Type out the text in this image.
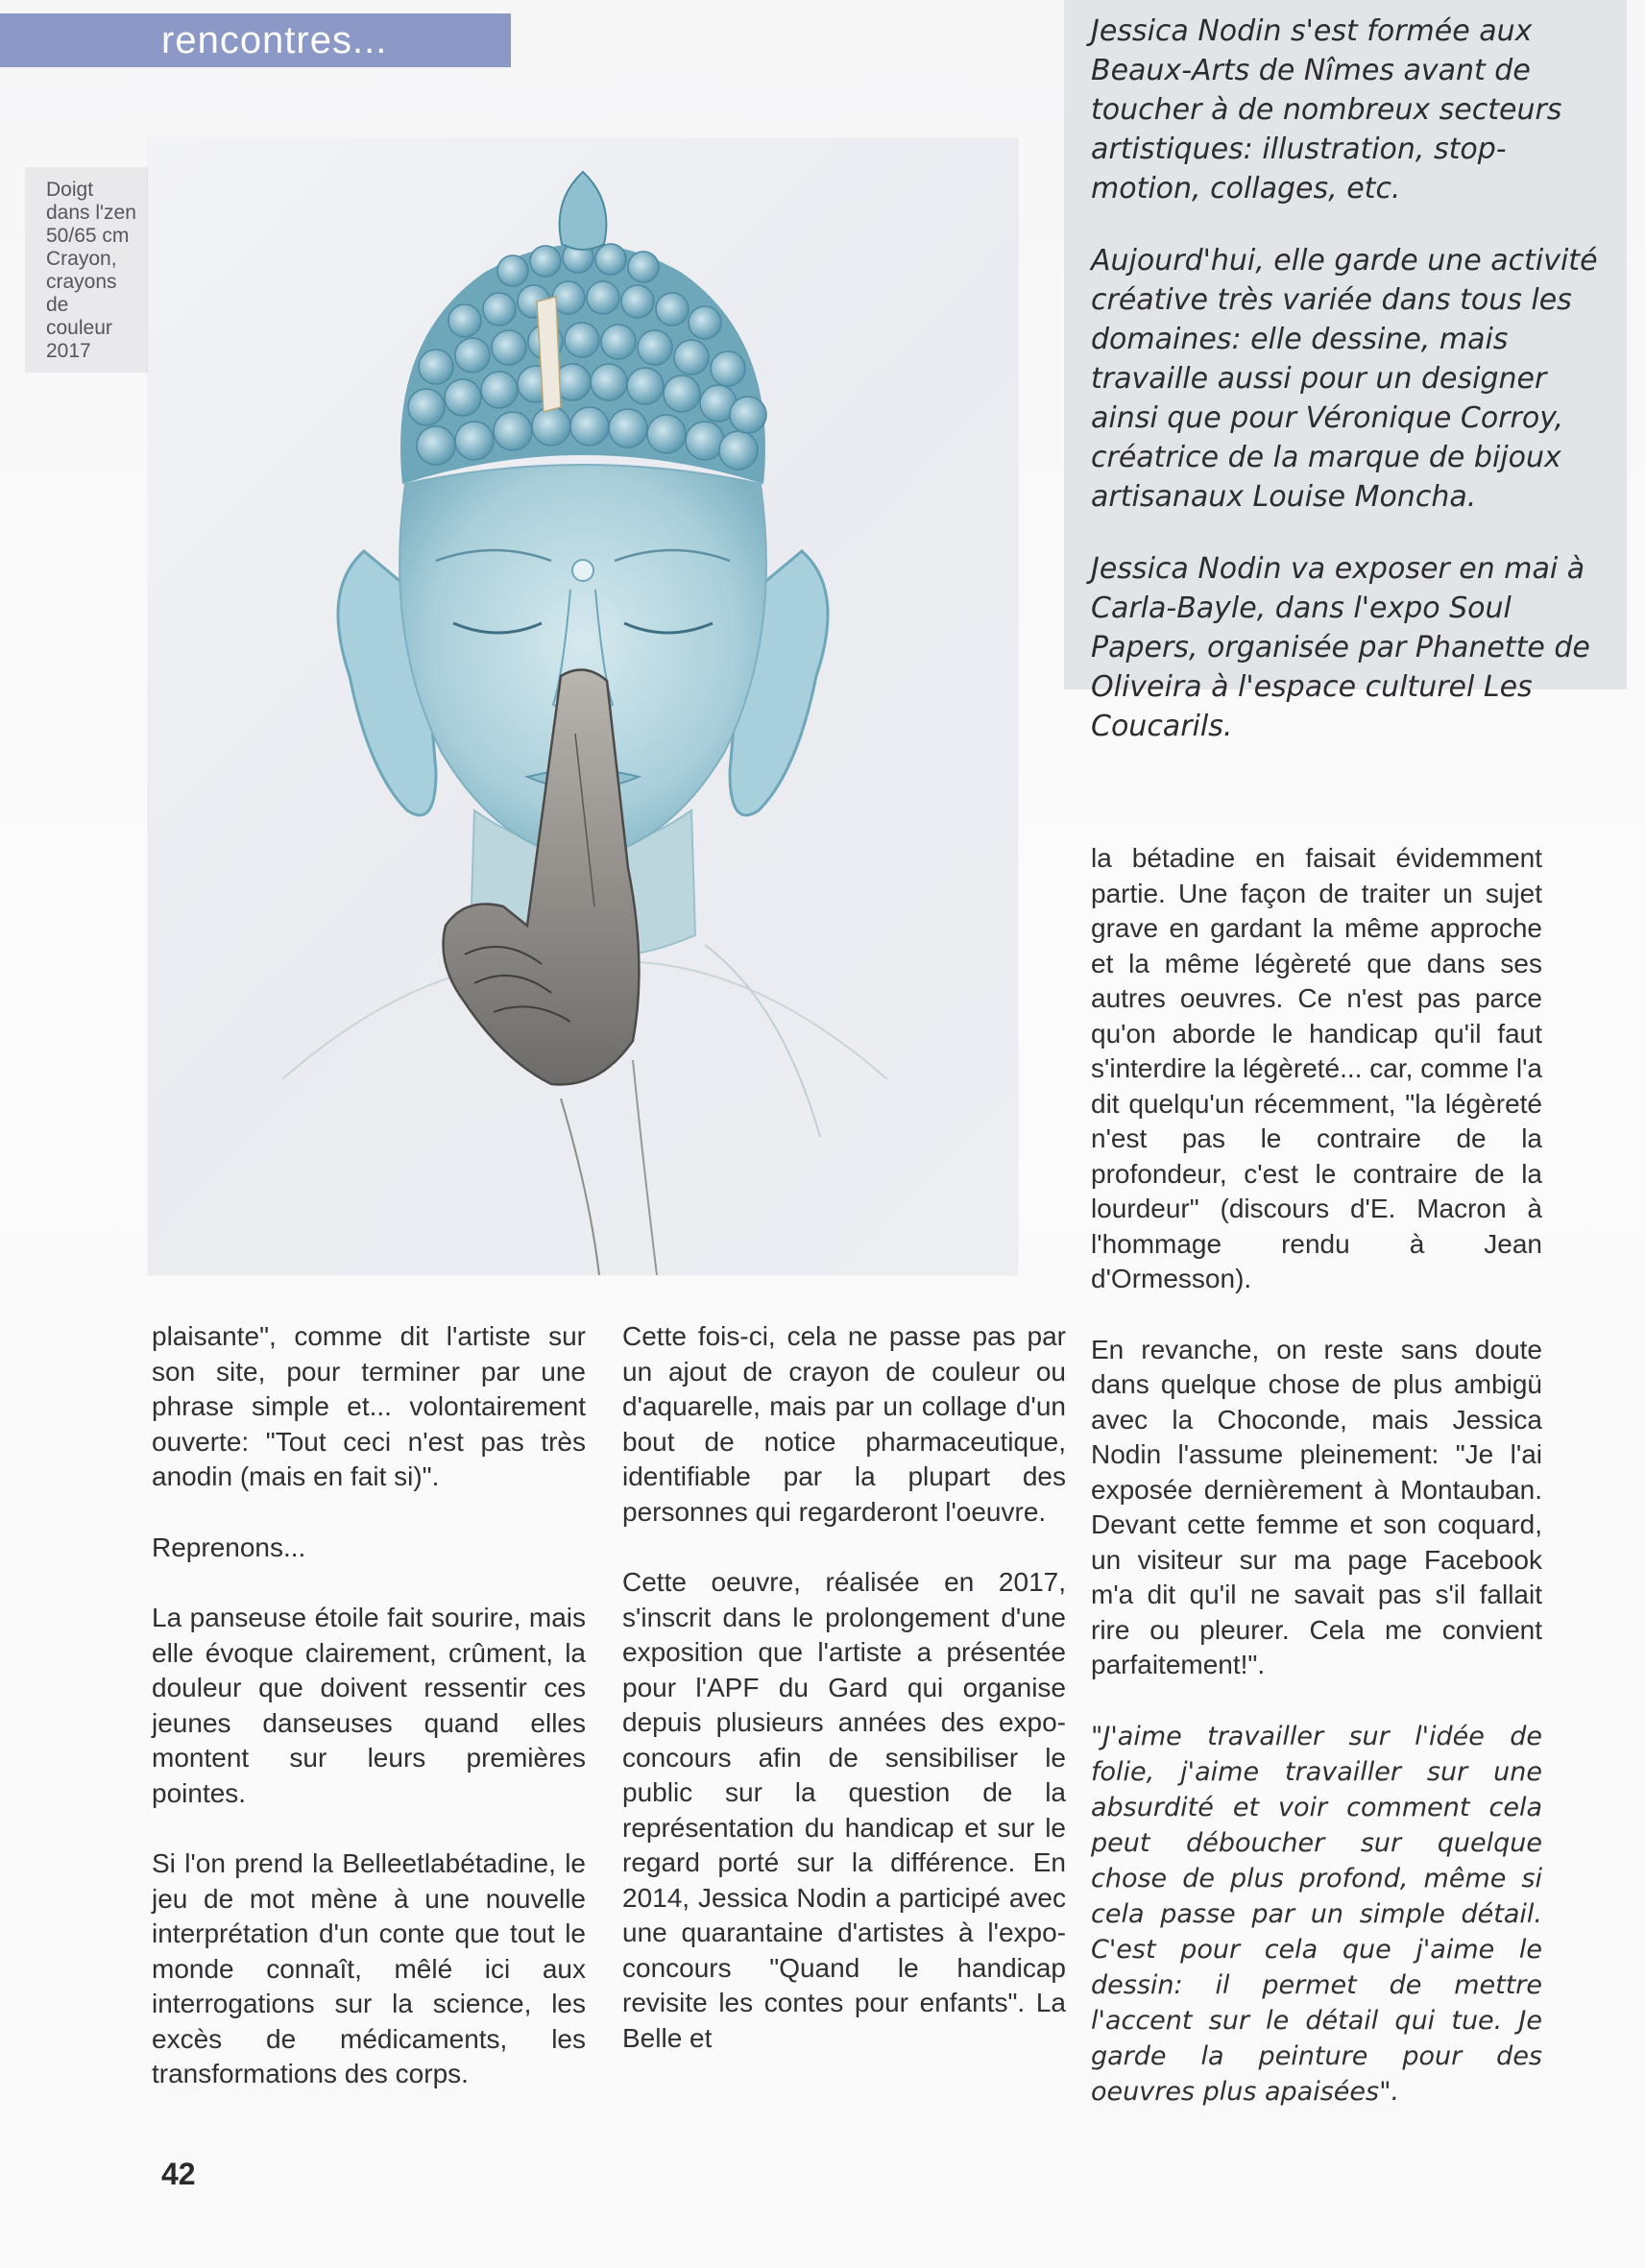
rencontres...
Doigt
dans l'zen
50/65 cm
Crayon,
crayons
de
couleur
2017

Jessica Nodin s'est formée aux Beaux-Arts de Nîmes avant de toucher à de nombreux secteurs artistiques: illustration, stop-motion, collages, etc.

Aujourd'hui, elle garde une activité créative très variée dans tous les domaines: elle dessine, mais travaille aussi pour un designer ainsi que pour Véronique Corroy, créatrice de la marque de bijoux artisanaux Louise Moncha.

Jessica Nodin va exposer en mai à Carla-Bayle, dans l'expo Soul Papers, organisée par Phanette de Oliveira à l'espace culturel Les Coucarils.

plaisante", comme dit l'artiste sur son site, pour terminer par une phrase simple et... volontairement ouverte: "Tout ceci n'est pas très anodin (mais en fait si)".

Reprenons...

La panseuse étoile fait sourire, mais elle évoque clairement, crûment, la douleur que doivent ressentir ces jeunes danseuses quand elles montent sur leurs premières pointes.

Si l'on prend la Belleetlabétadine, le jeu de mot mène à une nouvelle interprétation d'un conte que tout le monde connaît, mêlé ici aux interrogations sur la science, les excès de médicaments, les transformations des corps.

Cette fois-ci, cela ne passe pas par un ajout de crayon de couleur ou d'aquarelle, mais par un collage d'un bout de notice pharmaceutique, identifiable par la plupart des personnes qui regarderont l'oeuvre.

Cette oeuvre, réalisée en 2017, s'inscrit dans le prolongement d'une exposition que l'artiste a présentée pour l'APF du Gard qui organise depuis plusieurs années des expo-concours afin de sensibiliser le public sur la question de la représentation du handicap et sur le regard porté sur la différence. En 2014, Jessica Nodin a participé avec une quarantaine d'artistes à l'expo-concours "Quand le handicap revisite les contes pour enfants". La Belle et

la bétadine en faisait évidemment partie. Une façon de traiter un sujet grave en gardant la même approche et la même légèreté que dans ses autres oeuvres. Ce n'est pas parce qu'on aborde le handicap qu'il faut s'interdire la légèreté... car, comme l'a dit quelqu'un récemment, "la légèreté n'est pas le contraire de la profondeur, c'est le contraire de la lourdeur" (discours d'E. Macron à l'hommage rendu à Jean d'Ormesson).

En revanche, on reste sans doute dans quelque chose de plus ambigü avec la Choconde, mais Jessica Nodin l'assume pleinement: "Je l'ai exposée dernièrement à Montauban. Devant cette femme et son coquard, un visiteur sur ma page Facebook m'a dit qu'il ne savait pas s'il fallait rire ou pleurer. Cela me convient parfaitement!".

"J'aime travailler sur l'idée de folie, j'aime travailler sur une absurdité et voir comment cela peut déboucher sur quelque chose de plus profond, même si cela passe par un simple détail. C'est pour cela que j'aime le dessin: il permet de mettre l'accent sur le détail qui tue. Je garde la peinture pour des oeuvres plus apaisées".

42
